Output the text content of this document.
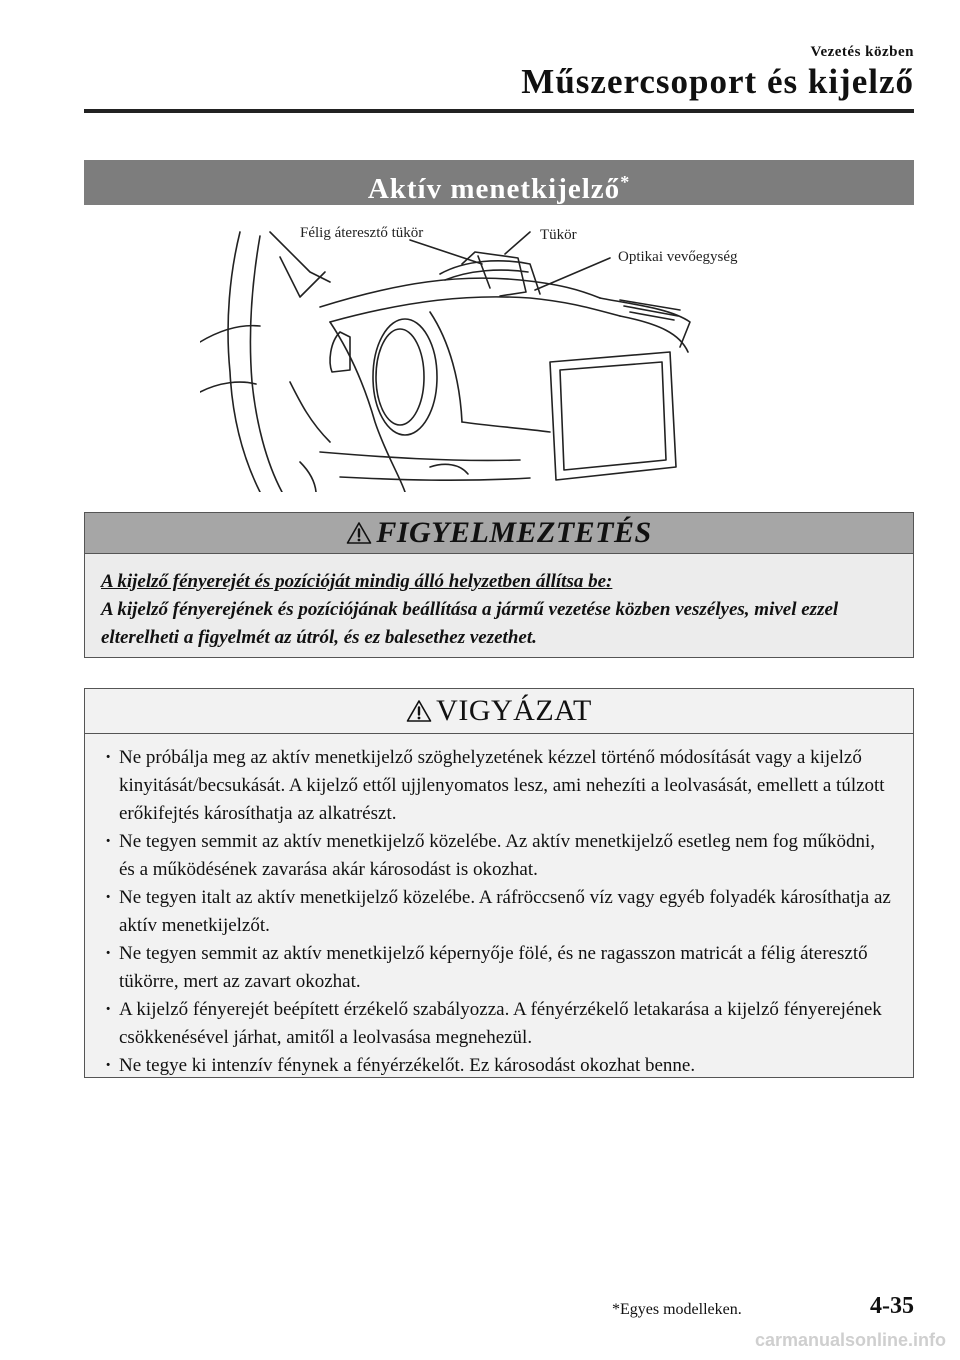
Vezetés közben
Műszercsoport és kijelző
Aktív menetkijelző*
Félig áteresztő tükör	Tükör
Optikai vevőegység
FIGYELMEZTETÉS
A kijelző fényerejét és pozícióját mindig álló helyzetben állítsa be:
A kijelző fényerejének és pozíciójának beállítása a jármű vezetése közben veszélyes, mivel ezzel elterelheti a figyelmét az útról, és ez balesethez vezethet.
VIGYÁZAT
· Ne próbálja meg az aktív menetkijelző szöghelyzetének kézzel történő módosítását vagy a kijelző kinyitását/becsukását. A kijelző ettől ujjlenyomatos lesz, ami nehezíti a leolvasását, emellett a túlzott erőkifejtés károsíthatja az alkatrészt.
· Ne tegyen semmit az aktív menetkijelző közelébe. Az aktív menetkijelző esetleg nem fog működni, és a működésének zavarása akár károsodást is okozhat.
· Ne tegyen italt az aktív menetkijelző közelébe. A ráfröccsenő víz vagy egyéb folyadék károsíthatja az aktív menetkijelzőt.
· Ne tegyen semmit az aktív menetkijelző képernyője fölé, és ne ragasszon matricát a félig áteresztő tükörre, mert az zavart okozhat.
· A kijelző fényerejét beépített érzékelő szabályozza. A fényérzékelő letakarása a kijelző fényerejének csökkenésével járhat, amitől a leolvasása megnehezül.
· Ne tegye ki intenzív fénynek a fényérzékelőt. Ez károsodást okozhat benne.
*Egyes modelleken.	4-35
carmanualsonline.info
